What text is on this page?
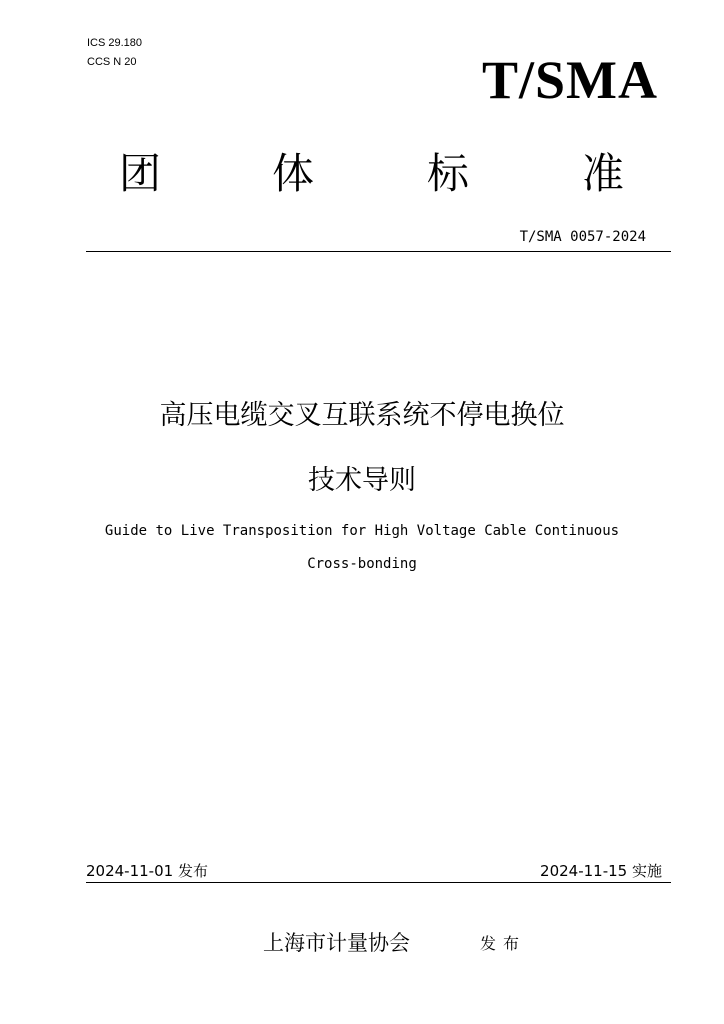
ICS 29.180
CCS N 20	T/SMA
团	体	标	准
T/SMA 0057-2024
高压电缆交叉互联系统不停电换位
技术导则
Guide to Live Transposition for High Voltage Cable Continuous
Cross-bonding
2024-11-01 发布	2024-11-15 实施
上海市计量协会	发布
